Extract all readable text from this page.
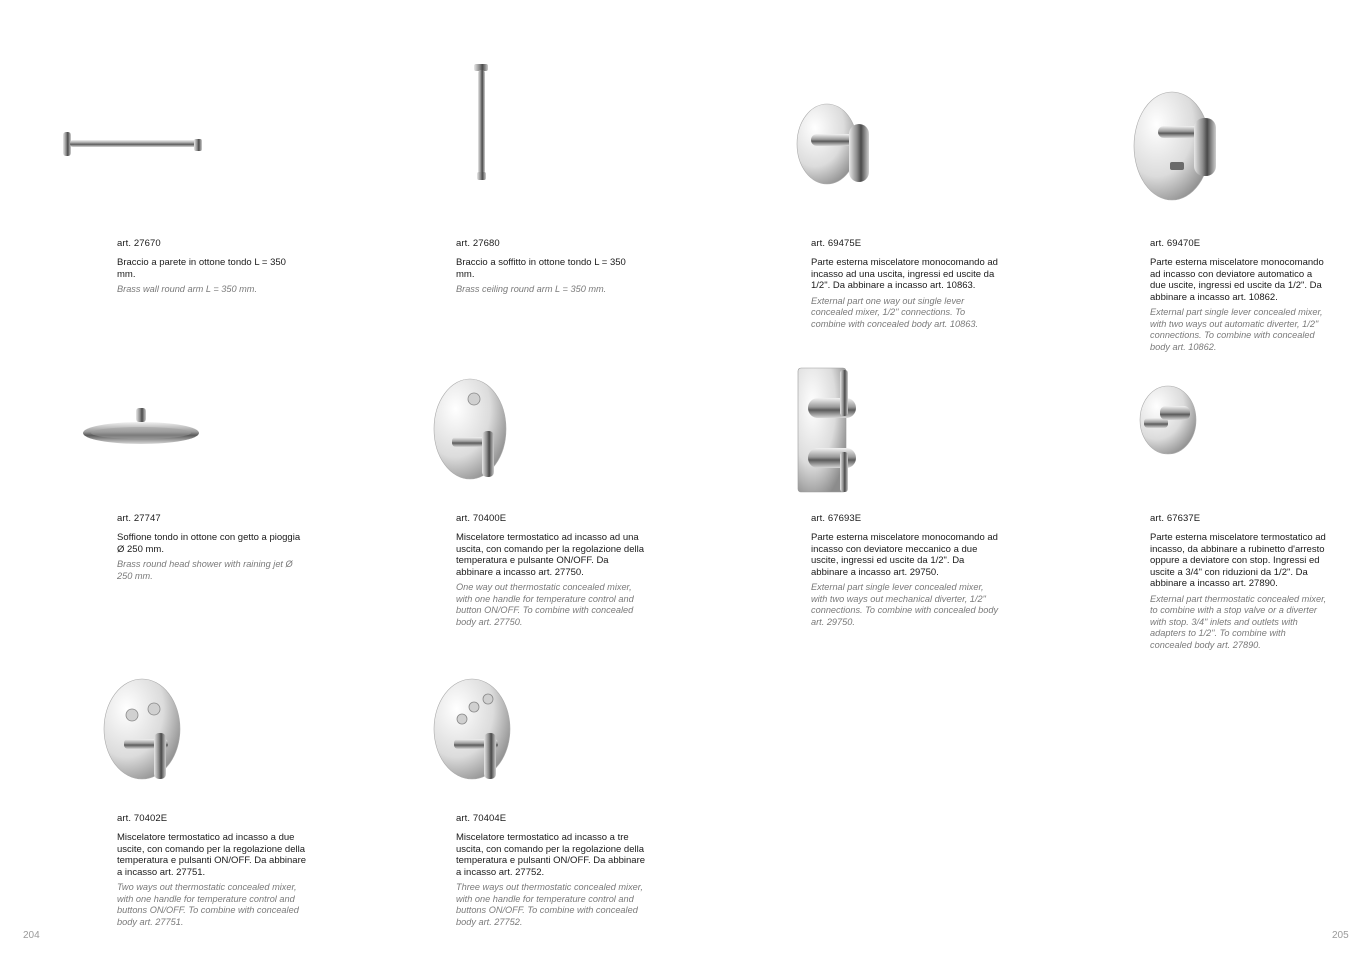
art. 27670

Braccio a parete in ottone tondo L = 350 mm.

Brass wall round arm L = 350 mm.

art. 27680

Braccio a soffitto in ottone tondo L = 350 mm.

Brass ceiling round arm L = 350 mm.

art. 69475E

Parte esterna miscelatore monocomando ad incasso ad una uscita, ingressi ed uscite da 1/2". Da abbinare a incasso art. 10863.

External part one way out single lever concealed mixer, 1/2" connections. To combine with concealed body art. 10863.

art. 69470E

Parte esterna miscelatore monocomando ad incasso con deviatore automatico a due uscite, ingressi ed uscite da 1/2". Da abbinare a incasso art. 10862.

External part single lever concealed mixer, with two ways out automatic diverter, 1/2" connections. To combine with concealed body art. 10862.

art. 27747

Soffione tondo in ottone con getto a pioggia Ø 250 mm.

Brass round head shower with raining jet Ø 250 mm.

art. 70400E

Miscelatore termostatico ad incasso ad una uscita, con comando per la regolazione della temperatura e pulsante ON/OFF. Da abbinare a incasso art. 27750.

One way out thermostatic concealed mixer, with one handle for temperature control and button ON/OFF. To combine with concealed body art. 27750.

art. 67693E

Parte esterna miscelatore monocomando ad incasso con deviatore meccanico a due uscite, ingressi ed uscite da 1/2". Da abbinare a incasso art. 29750.

External part single lever concealed mixer, with two ways out mechanical diverter, 1/2" connections. To combine with concealed body art. 29750.

art. 67637E

Parte esterna miscelatore termostatico ad incasso, da abbinare a rubinetto d'arresto oppure a deviatore con stop. Ingressi ed uscite a 3/4" con riduzioni da 1/2". Da abbinare a incasso art. 27890.

External part thermostatic concealed mixer, to combine with a stop valve or a diverter with stop. 3/4" inlets and outlets with adapters to 1/2". To combine with concealed body art. 27890.

art. 70402E

Miscelatore termostatico ad incasso a due uscite, con comando per la regolazione della temperatura e pulsanti ON/OFF. Da abbinare a incasso art. 27751.

Two ways out thermostatic concealed mixer, with one handle for temperature control and buttons ON/OFF. To combine with concealed body art. 27751.

art. 70404E

Miscelatore termostatico ad incasso a tre uscita, con comando per la regolazione della temperatura e pulsanti ON/OFF. Da abbinare a incasso art. 27752.

Three ways out thermostatic concealed mixer, with one handle for temperature control and buttons ON/OFF. To combine with concealed body art. 27752.

204	205
